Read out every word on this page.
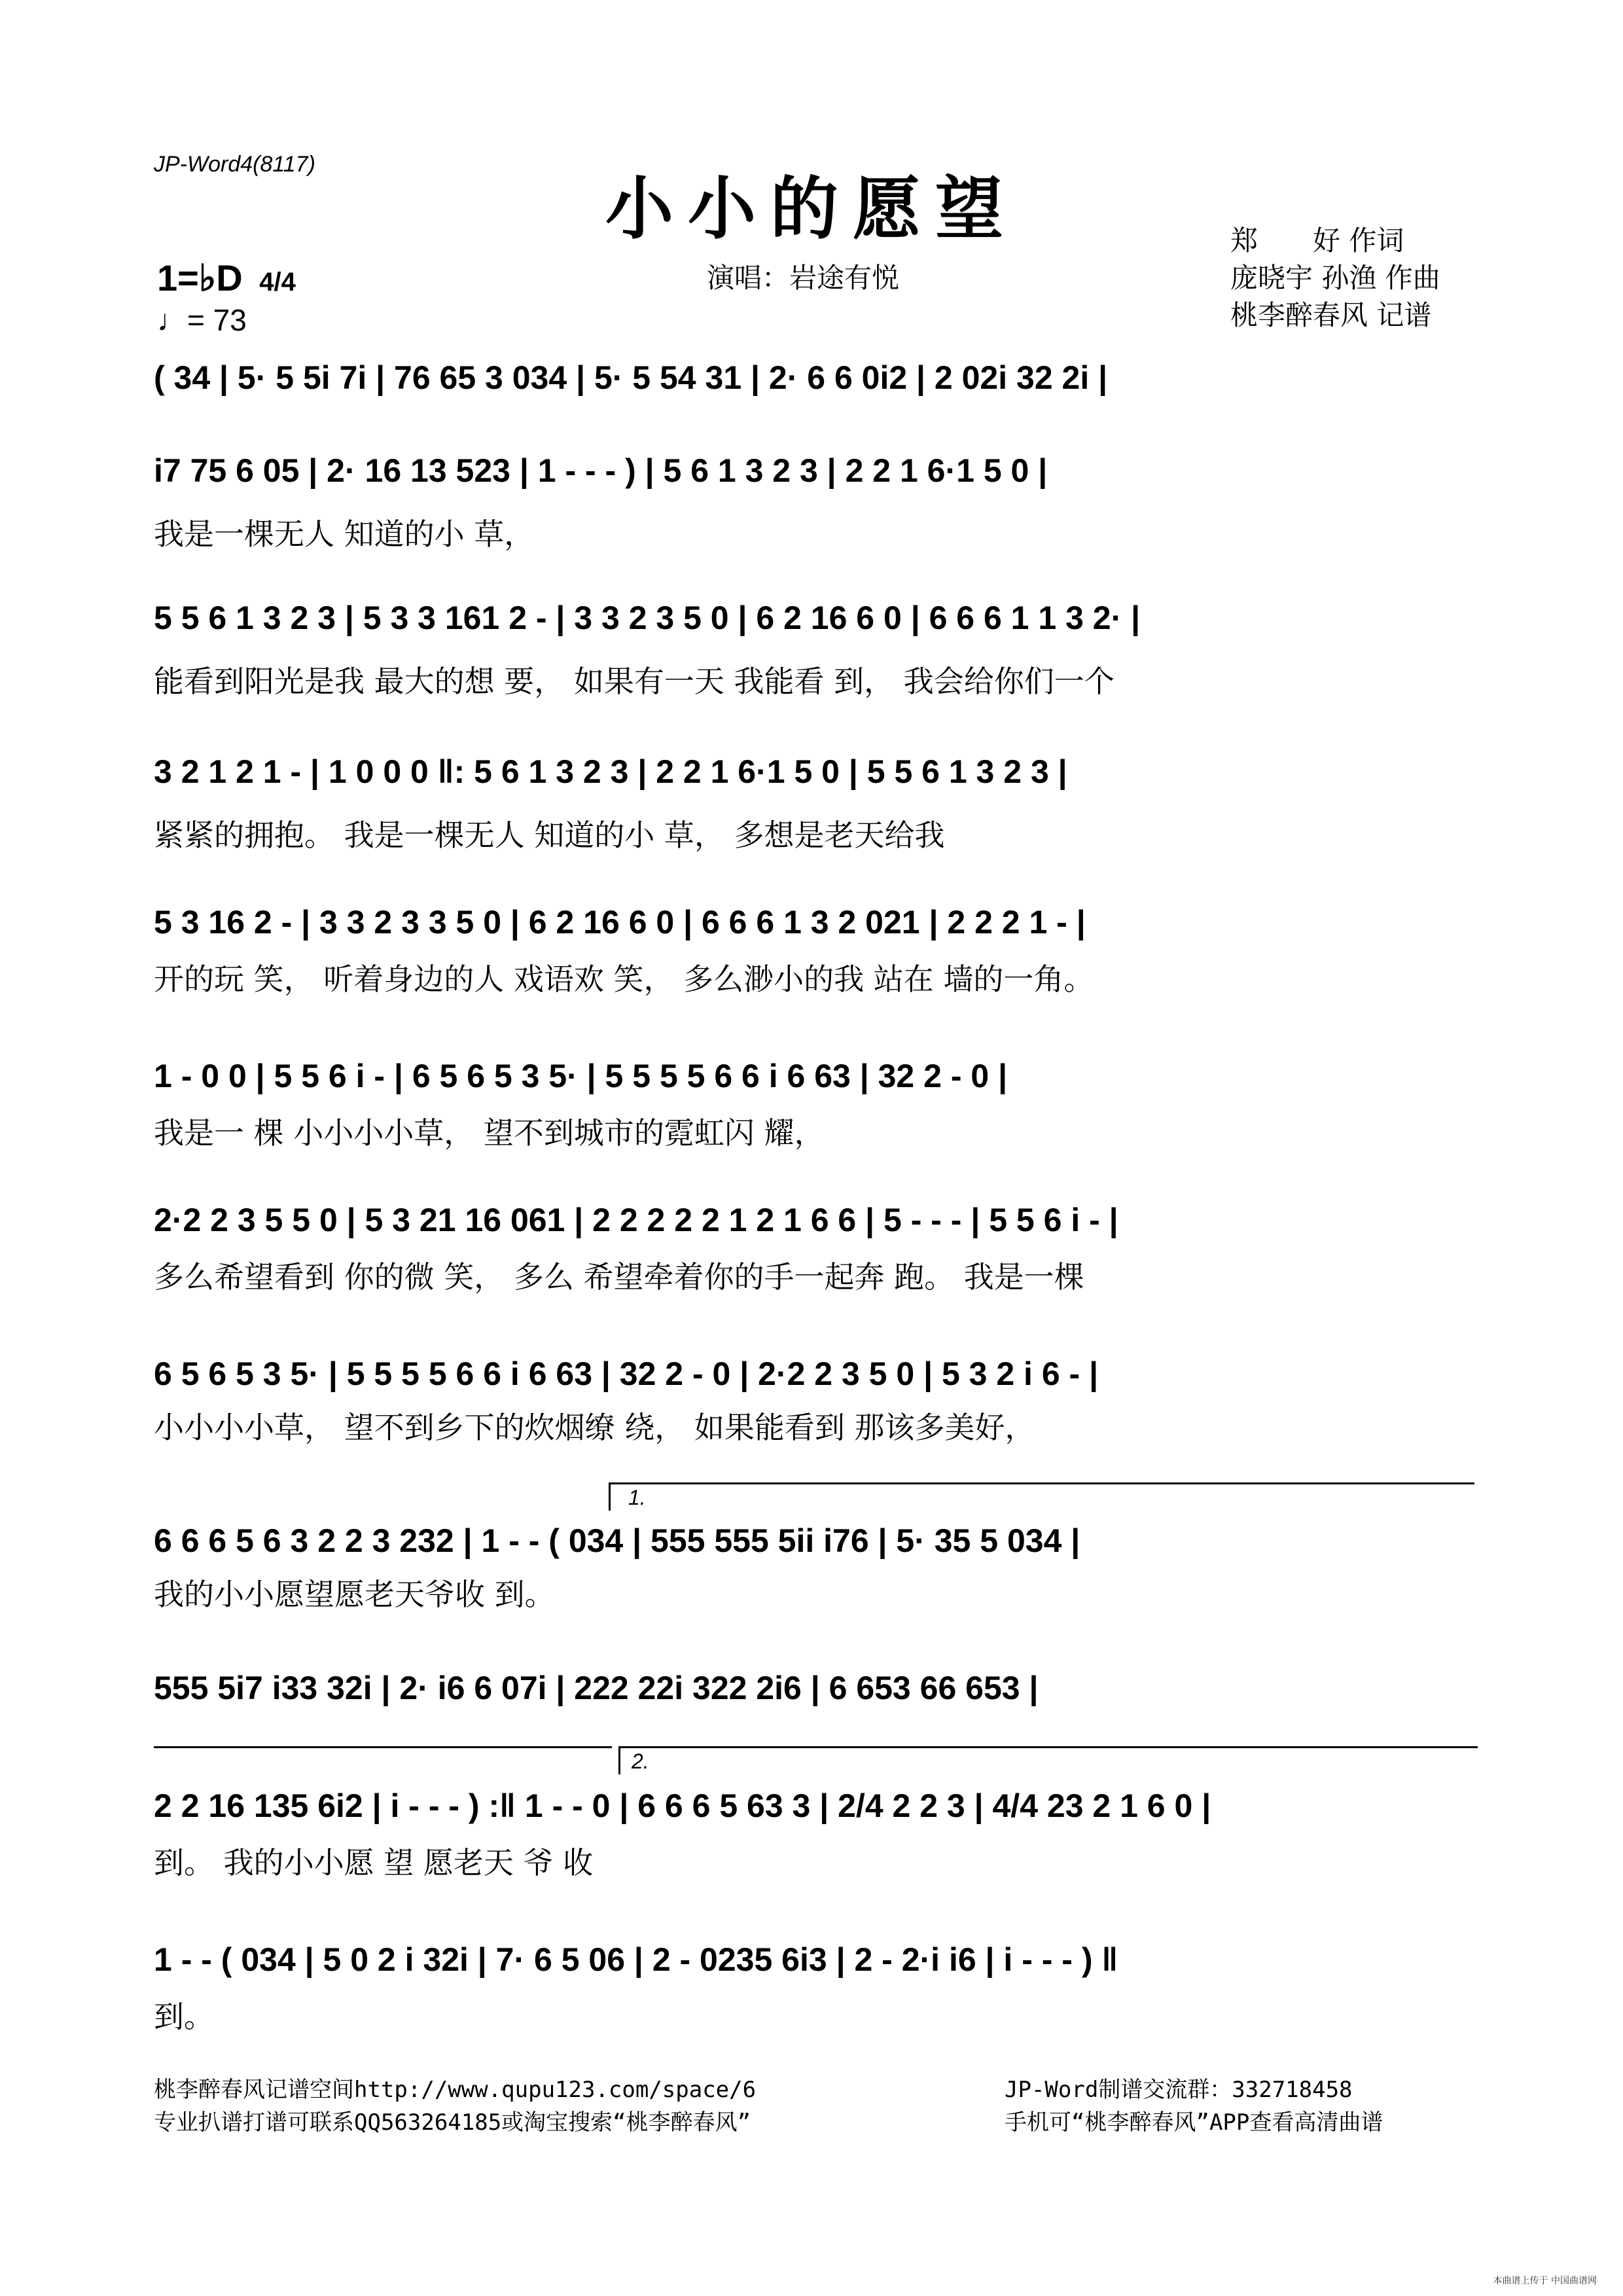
JP-Word4(8117)
小小的愿望
1=♭D 4/4
♩= 73
演唱：岩途有悦
郑　　好 作词
庞晓宇 孙渔 作曲
桃李醉春风 记谱
( 34 | 5· 5 5i 7i | 76 65 3 034 | 5· 5 54 31 | 2· 6 6 0i2 | 2 02i 32 2i |
i7 75 6 05 | 2· 16 13 523 | 1 - - - ) | 5 6 1 3 2 3 | 2 2 1 6·1 5 0 |
我是一棵无人 知道的小 草，
5 5 6 1 3 2 3 | 5 3 3 161 2 - | 3 3 2 3 5 0 | 6 2 16 6 0 | 6 6 6 1 1 3 2· |
能看到阳光是我 最大的想 要， 如果有一天 我能看 到， 我会给你们一个
3 2 1 2 1 - | 1 0 0 0 ‖: 5 6 1 3 2 3 | 2 2 1 6·1 5 0 | 5 5 6 1 3 2 3 |
紧紧的拥抱。 我是一棵无人 知道的小 草， 多想是老天给我
5 3 16 2 - | 3 3 2 3 3 5 0 | 6 2 16 6 0 | 6 6 6 1 3 2 021 | 2 2 2 1 - |
开的玩 笑， 听着身边的人 戏语欢 笑， 多么渺小的我 站在 墙的一角。
1 - 0 0 | 5 5 6 i - | 6 5 6 5 3 5· | 5 5 5 5 6 6 i 6 63 | 32 2 - 0 |
我是一 棵 小小小小草， 望不到城市的霓虹闪 耀，
2·2 2 3 5 5 0 | 5 3 21 16 061 | 2 2 2 2 2 1 2 1 6 6 | 5 - - - | 5 5 6 i - |
多么希望看到 你的微 笑， 多么 希望牵着你的手一起奔 跑。 我是一棵
6 5 6 5 3 5· | 5 5 5 5 6 6 i 6 63 | 32 2 - 0 | 2·2 2 3 5 0 | 5 3 2 i 6 - |
小小小小草， 望不到乡下的炊烟缭 绕， 如果能看到 那该多美好，
1.
6 6 6 5 6 3 2 2 3 232 | 1 - - ( 034 | 555 555 5ii i76 | 5· 35 5 034 |
我的小小愿望愿老天爷收 到。
555 5i7 i33 32i | 2· i6 6 07i | 222 22i 322 2i6 | 6 653 66 653 |
2.
2 2 16 135 6i2 | i - - - ) :‖ 1 - - 0 | 6 6 6 5 63 3 | 2/4 2 2 3 | 4/4 23 2 1 6 0 |
到。 我的小小愿 望 愿老天 爷 收
1 - - ( 034 | 5 0 2 i 32i | 7· 6 5 06 | 2 - 0235 6i3 | 2 - 2·i i6 | i - - - ) ‖
到。
桃李醉春风记谱空间http://www.qupu123.com/space/6
专业扒谱打谱可联系QQ563264185或淘宝搜索“桃李醉春风”
JP-Word制谱交流群：332718458
手机可“桃李醉春风”APP查看高清曲谱
本曲谱上传于 中国曲谱网
